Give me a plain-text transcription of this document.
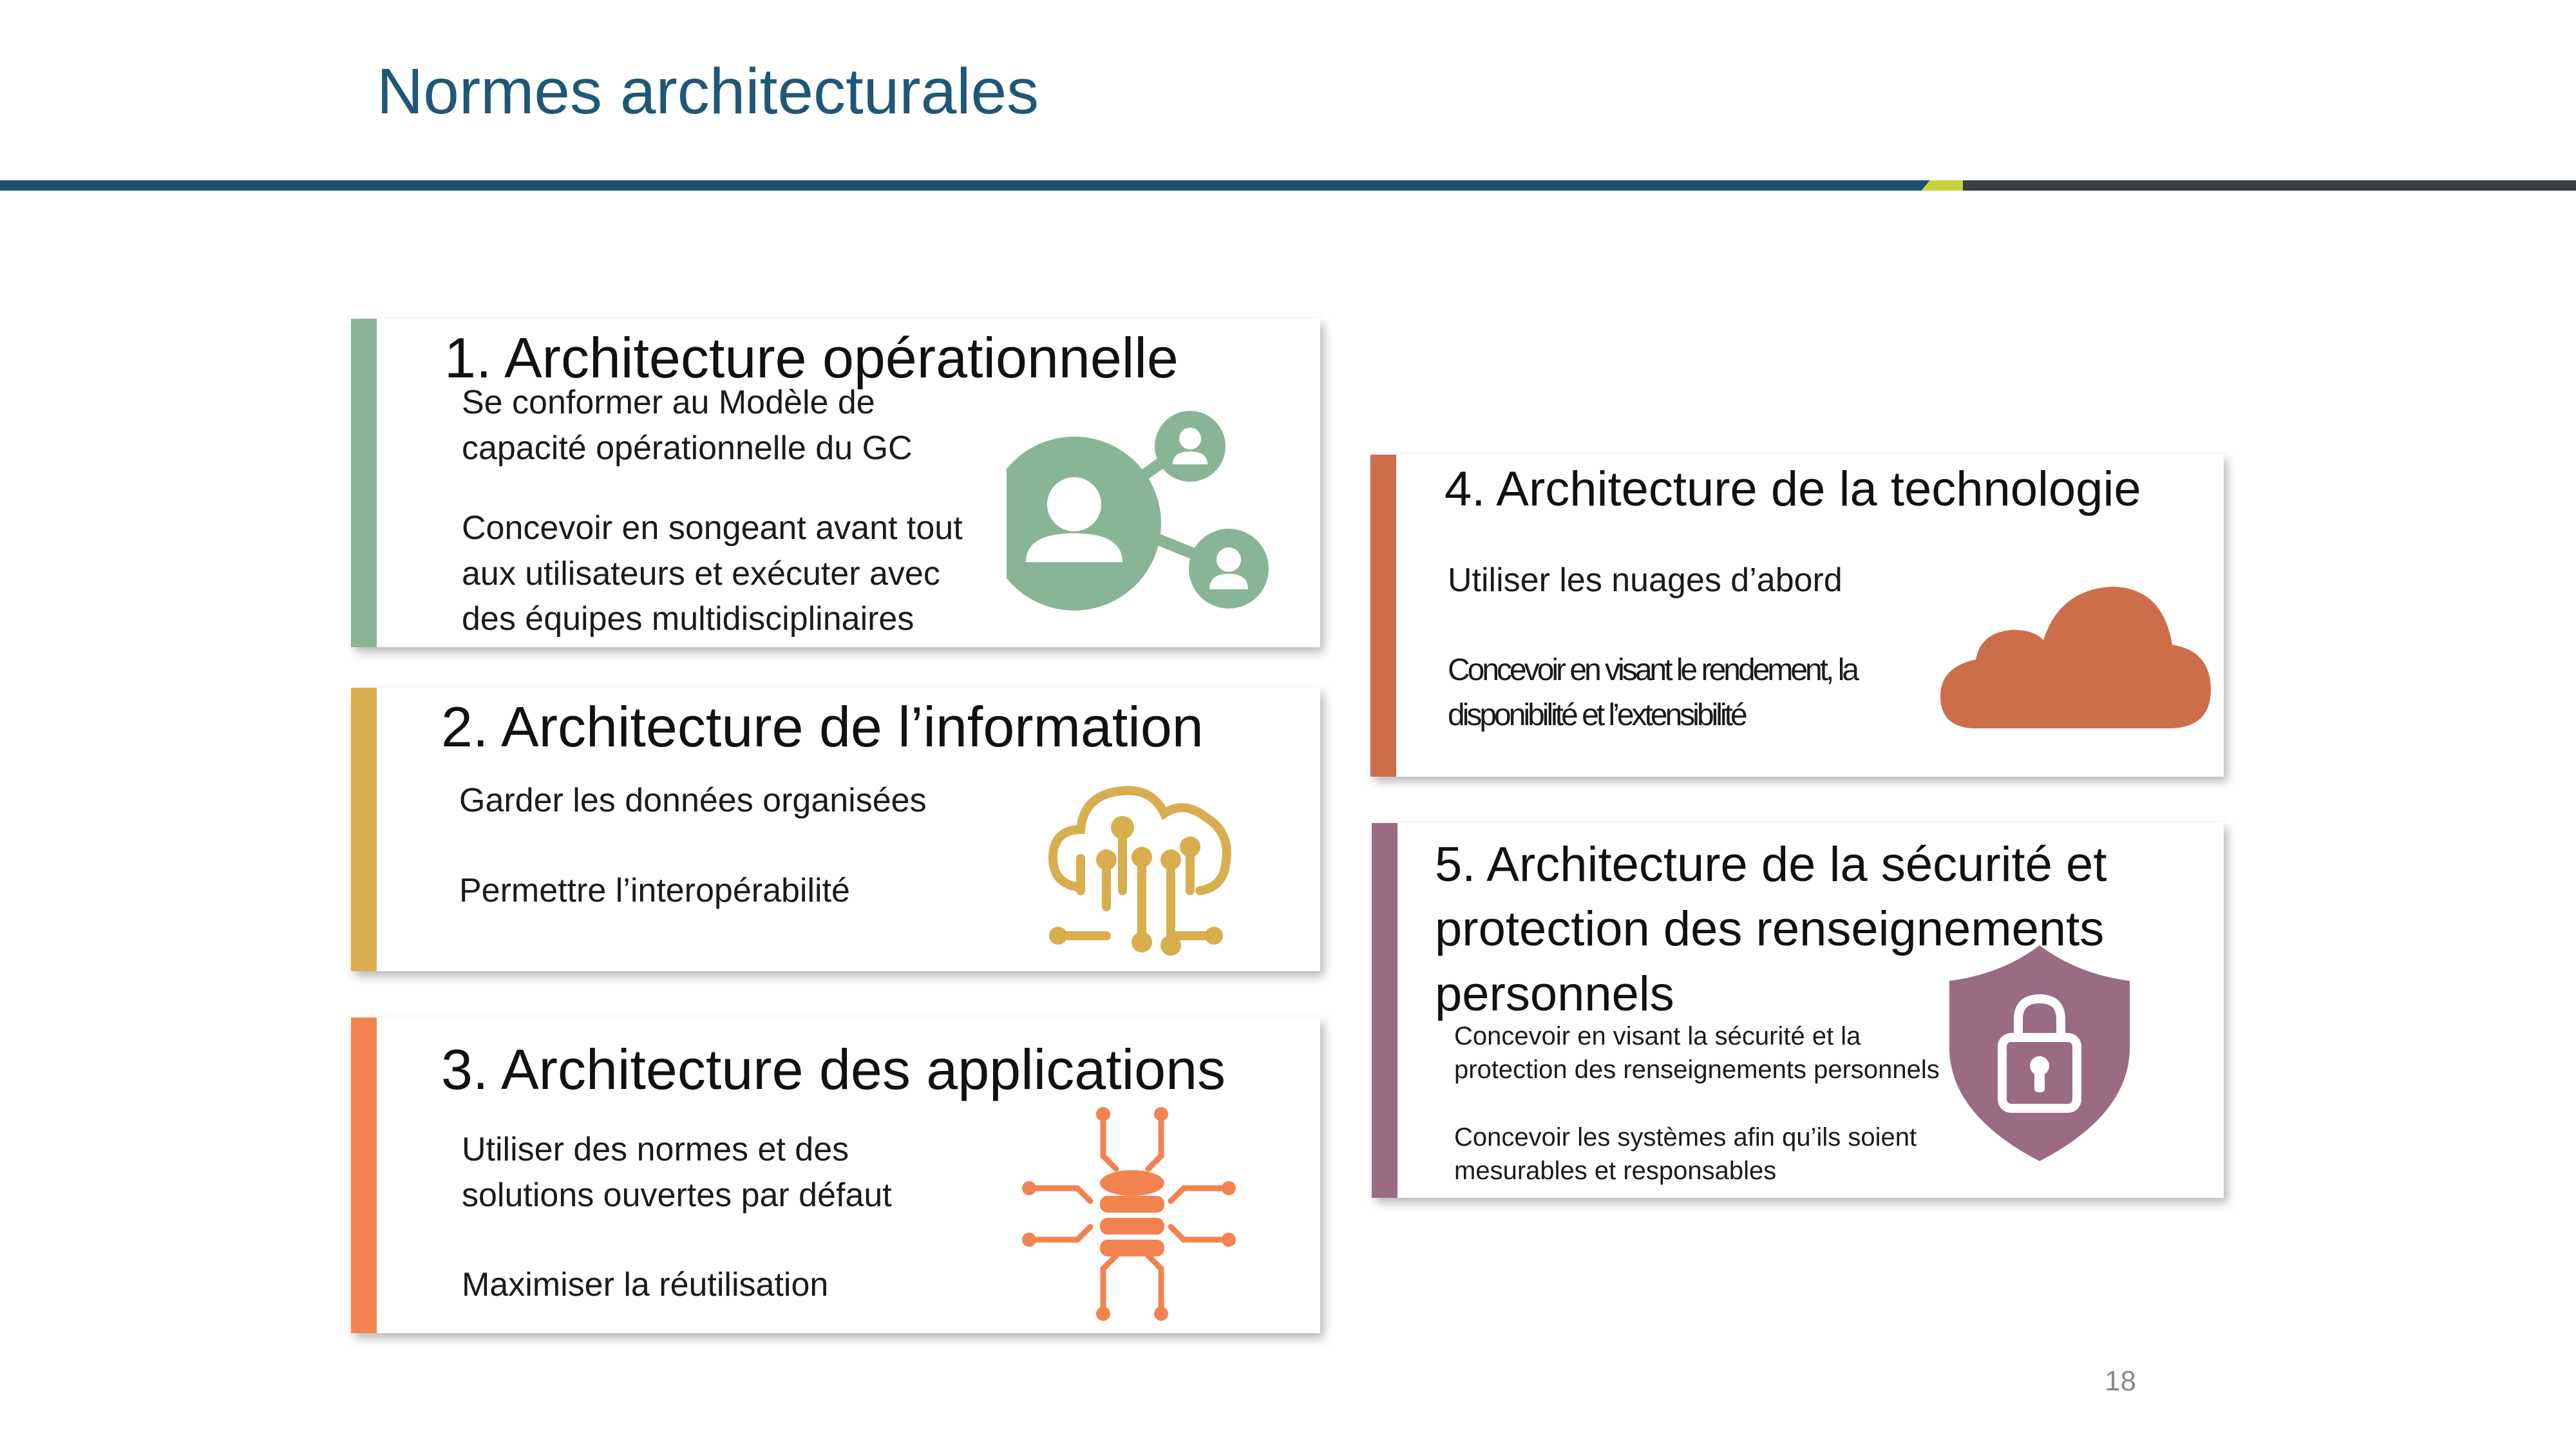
Normes architecturales
1. Architecture opérationnelle
Se conformer au Modèle de
capacité opérationnelle du GC
Concevoir en songeant avant tout
aux utilisateurs et exécuter avec
des équipes multidisciplinaires
2. Architecture de l’information
Garder les données organisées
Permettre l’interopérabilité
3. Architecture des applications
Utiliser des normes et des
solutions ouvertes par défaut
Maximiser la réutilisation
4. Architecture de la technologie
Utiliser les nuages d’abord
Concevoir en visant le rendement, la
disponibilité et l’extensibilité
5. Architecture de la sécurité et
protection des renseignements
personnels
Concevoir en visant la sécurité et la
protection des renseignements personnels
Concevoir les systèmes afin qu’ils soient
mesurables et responsables
18
